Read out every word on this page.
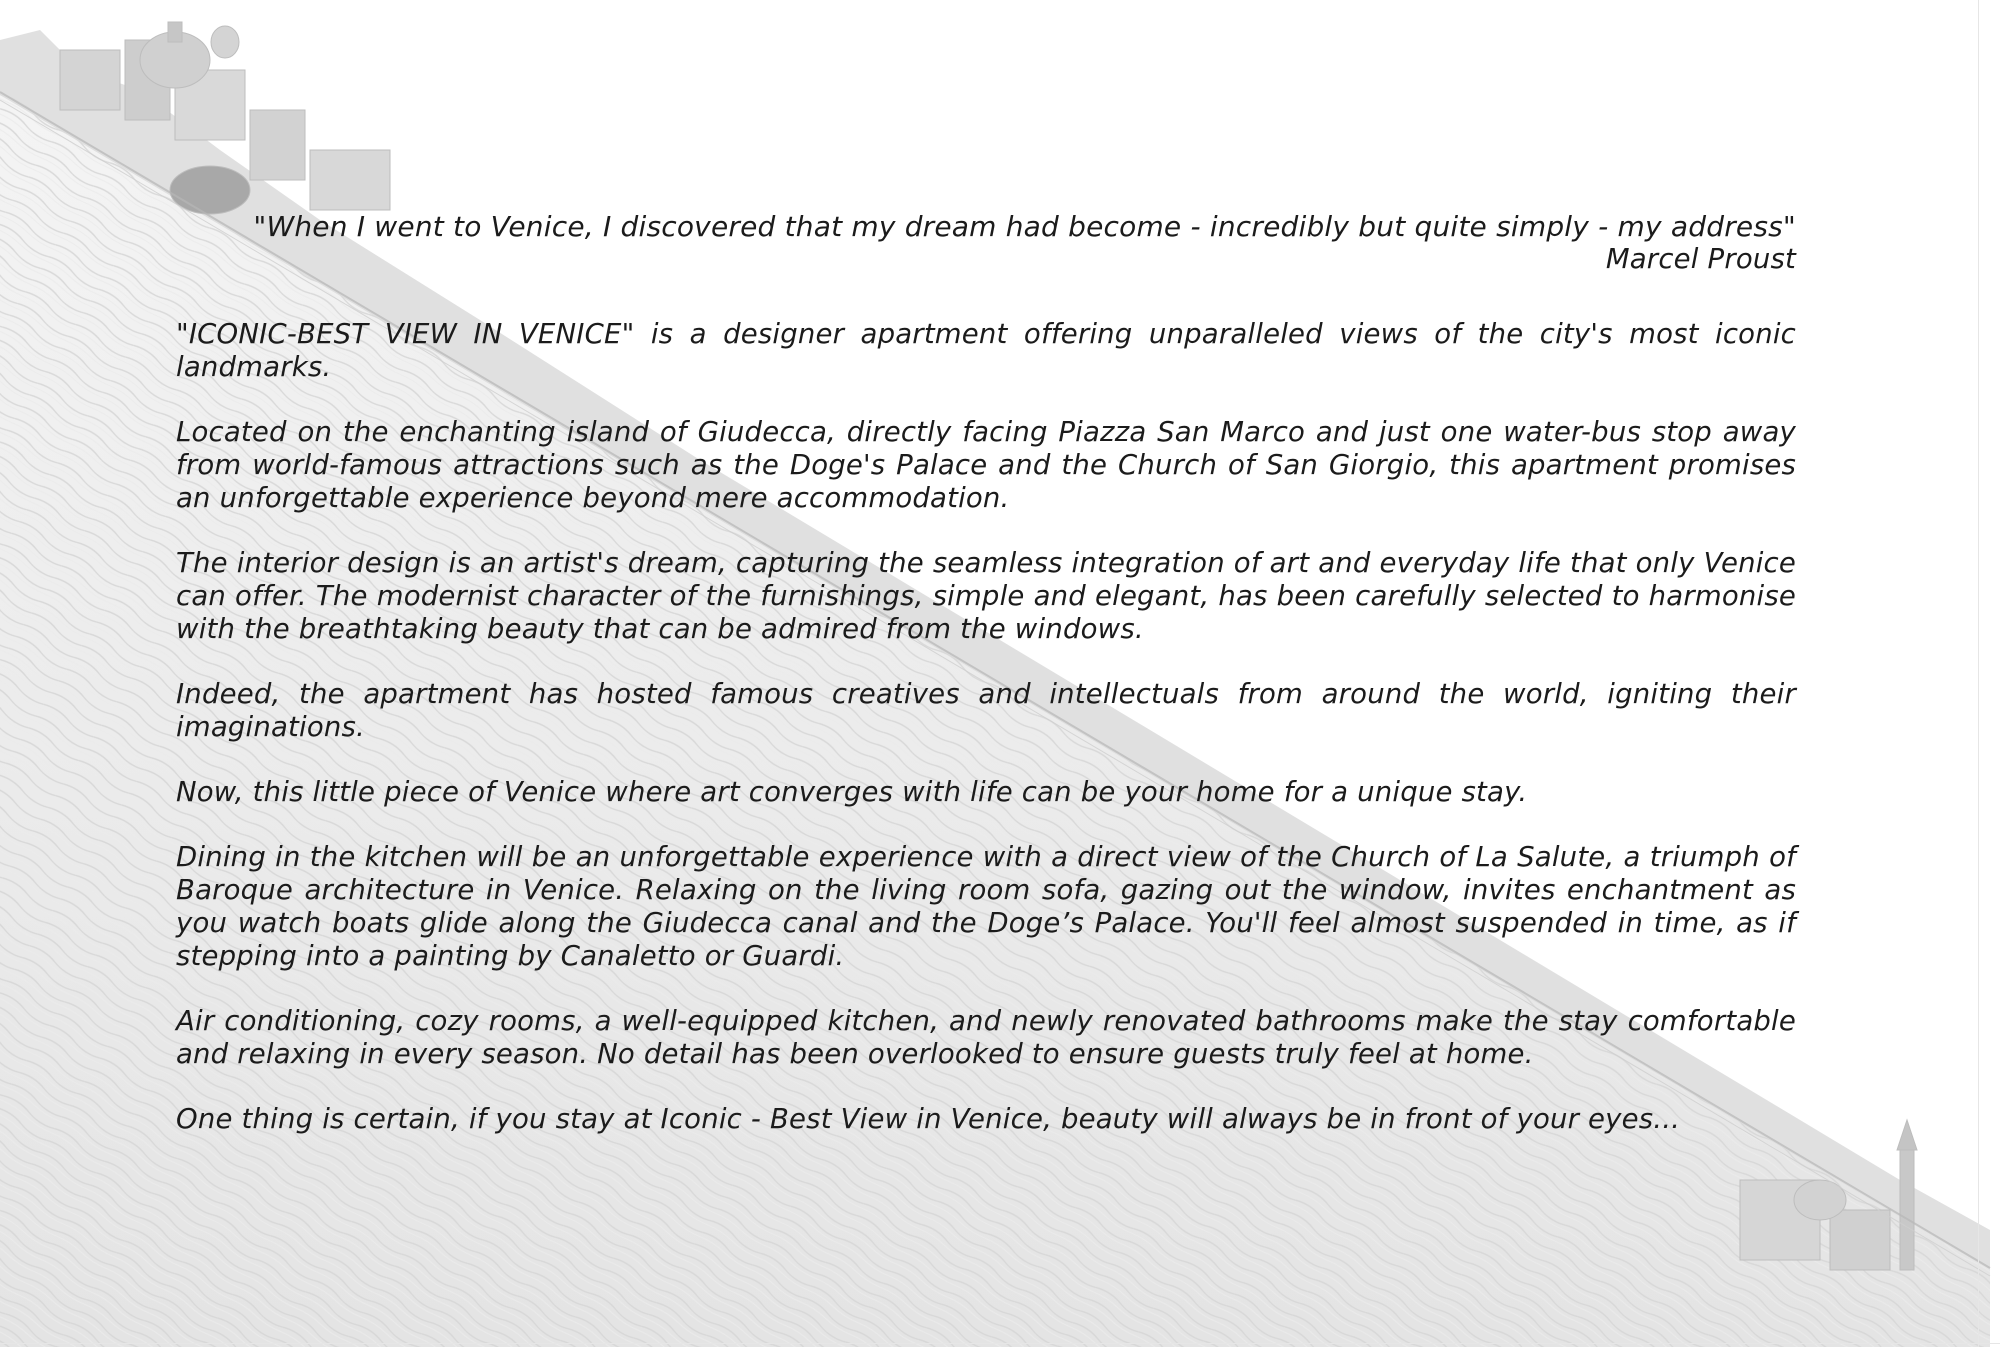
"When I went to Venice, I discovered that my dream had become - incredibly but quite simply - my address"
Marcel Proust

"ICONIC-BEST VIEW IN VENICE" is a designer apartment offering unparalleled views of the city's most iconic landmarks.

Located on the enchanting island of Giudecca, directly facing Piazza San Marco and just one water-bus stop away from world-famous attractions such as the Doge's Palace and the Church of San Giorgio, this apartment promises an unforgettable experience beyond mere accommodation.

The interior design is an artist's dream, capturing the seamless integration of art and everyday life that only Venice can offer. The modernist character of the furnishings, simple and elegant, has been carefully selected to harmonise with the breathtaking beauty that can be admired from the windows.

Indeed, the apartment has hosted famous creatives and intellectuals from around the world, igniting their imaginations.

Now, this little piece of Venice where art converges with life can be your home for a unique stay.

Dining in the kitchen will be an unforgettable experience with a direct view of the Church of La Salute, a triumph of Baroque architecture in Venice. Relaxing on the living room sofa, gazing out the window, invites enchantment as you watch boats glide along the Giudecca canal and the Doge’s Palace. You'll feel almost suspended in time, as if stepping into a painting by Canaletto or Guardi.

Air conditioning, cozy rooms, a well-equipped kitchen, and newly renovated bathrooms make the stay comfortable and relaxing in every season. No detail has been overlooked to ensure guests truly feel at home.

One thing is certain, if you stay at Iconic - Best View in Venice, beauty will always be in front of your eyes...
